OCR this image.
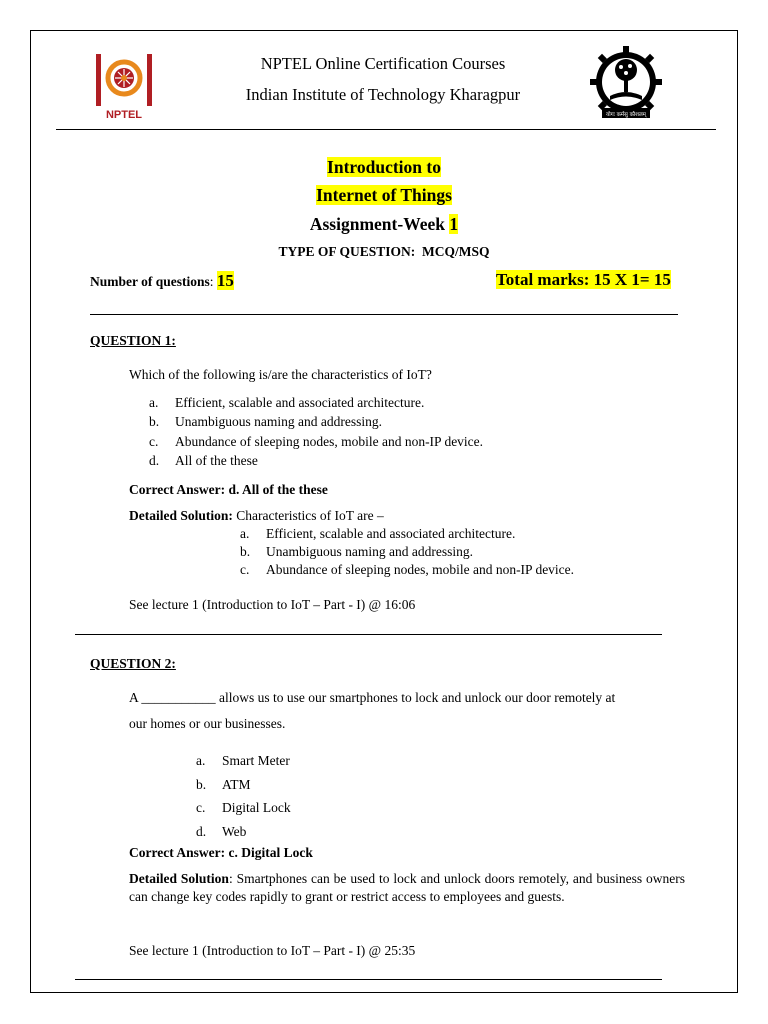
NPTEL
NPTEL Online Certification Courses
Indian Institute of Technology Kharagpur
योगः कर्मसु कौशलम्
Introduction to
Internet of Things
Assignment-Week 1
TYPE OF QUESTION:  MCQ/MSQ
Number of questions: 15	Total marks: 15 X 1= 15
QUESTION 1:
Which of the following is/are the characteristics of IoT?
a. Efficient, scalable and associated architecture.
b. Unambiguous naming and addressing.
c. Abundance of sleeping nodes, mobile and non-IP device.
d. All of the these
Correct Answer: d. All of the these
Detailed Solution: Characteristics of IoT are –
a. Efficient, scalable and associated architecture.
b. Unambiguous naming and addressing.
c. Abundance of sleeping nodes, mobile and non-IP device.
See lecture 1 (Introduction to IoT – Part - I) @ 16:06
QUESTION 2:
A ___________ allows us to use our smartphones to lock and unlock our door remotely at
our homes or our businesses.
a. Smart Meter
b. ATM
c. Digital Lock
d. Web
Correct Answer: c. Digital Lock
Detailed Solution: Smartphones can be used to lock and unlock doors remotely, and business owners can change key codes rapidly to grant or restrict access to employees and guests.
See lecture 1 (Introduction to IoT – Part - I) @ 25:35
